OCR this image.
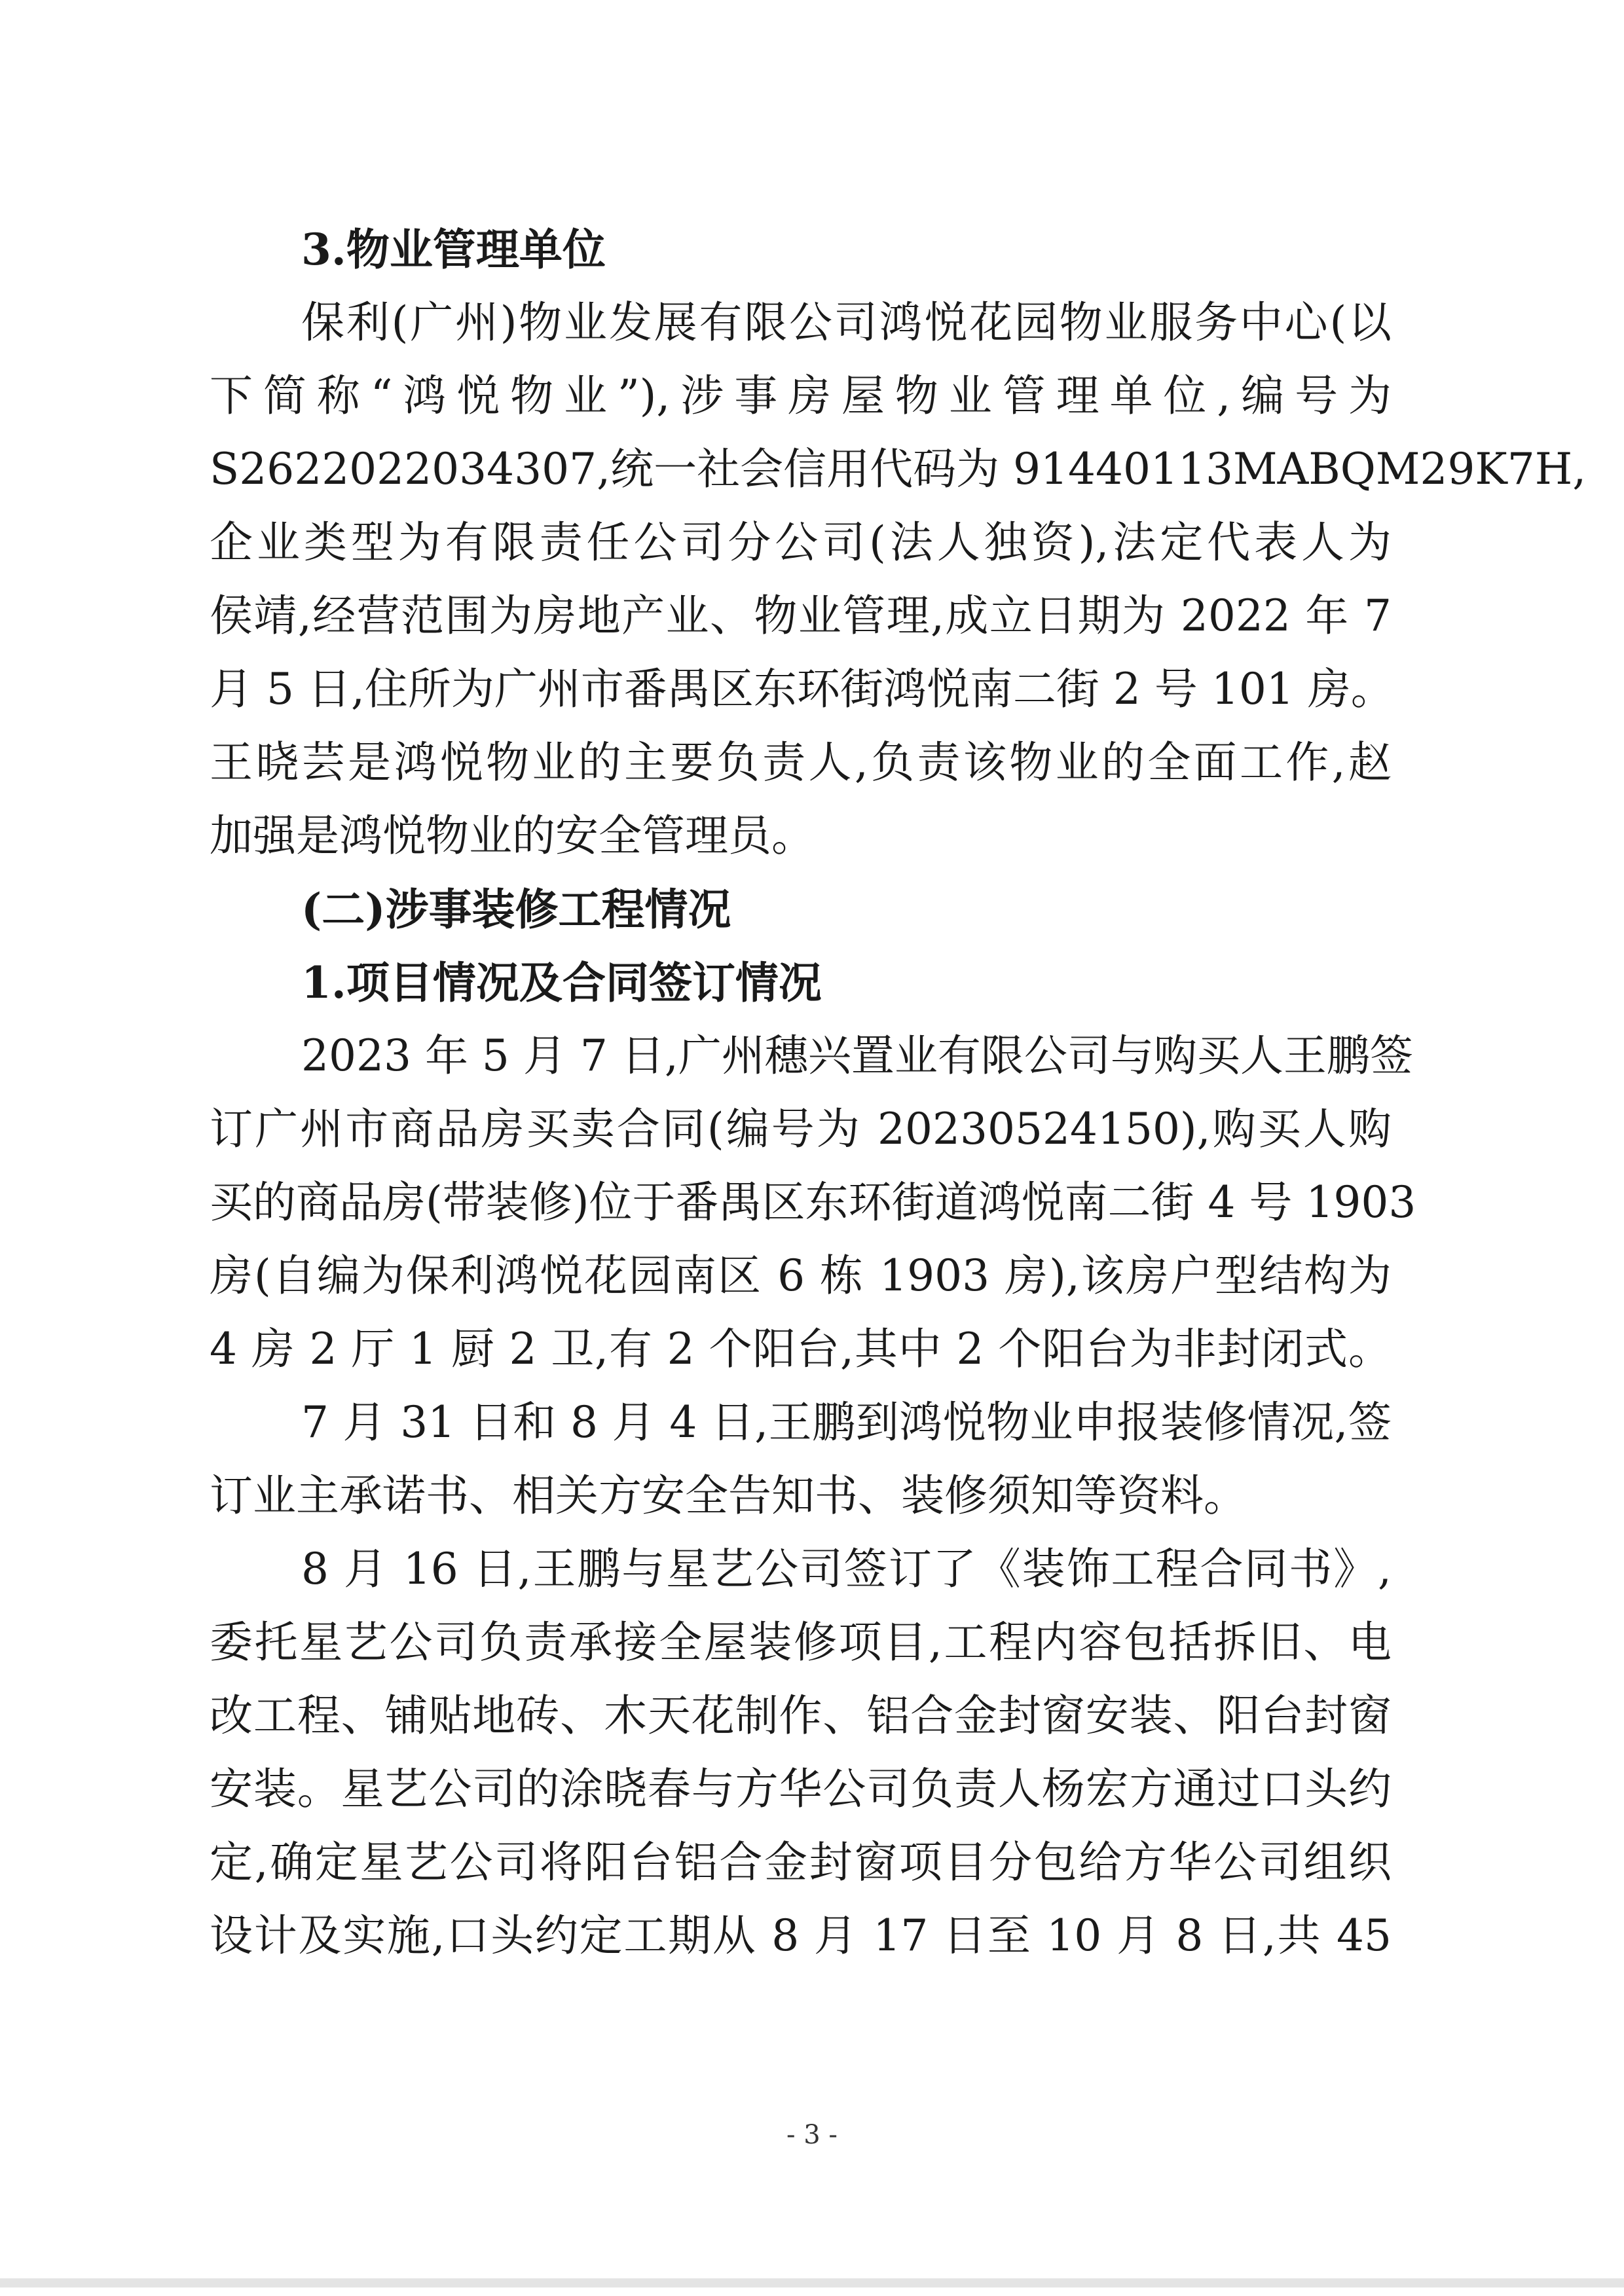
3.物业管理单位
保利(广州)物业发展有限公司鸿悦花园物业服务中心(以
下简称“鸿悦物业”),涉事房屋物业管理单位,编号为
S2622022034307,统一社会信用代码为 91440113MABQM29K7H,
企业类型为有限责任公司分公司(法人独资),法定代表人为
侯靖,经营范围为房地产业、物业管理,成立日期为 2022 年 7
月 5 日,住所为广州市番禺区东环街鸿悦南二街 2 号 101 房。
王晓芸是鸿悦物业的主要负责人,负责该物业的全面工作,赵
加强是鸿悦物业的安全管理员。
(二)涉事装修工程情况
1.项目情况及合同签订情况
2023 年 5 月 7 日,广州穗兴置业有限公司与购买人王鹏签
订广州市商品房买卖合同(编号为 20230524150),购买人购
买的商品房(带装修)位于番禺区东环街道鸿悦南二街 4 号 1903
房(自编为保利鸿悦花园南区 6 栋 1903 房),该房户型结构为
4 房 2 厅 1 厨 2 卫,有 2 个阳台,其中 2 个阳台为非封闭式。
7 月 31 日和 8 月 4 日,王鹏到鸿悦物业申报装修情况,签
订业主承诺书、相关方安全告知书、装修须知等资料。
8 月 16 日,王鹏与星艺公司签订了《装饰工程合同书》,
委托星艺公司负责承接全屋装修项目,工程内容包括拆旧、电
改工程、铺贴地砖、木天花制作、铝合金封窗安装、阳台封窗
安装。星艺公司的涂晓春与方华公司负责人杨宏方通过口头约
定,确定星艺公司将阳台铝合金封窗项目分包给方华公司组织
设计及实施,口头约定工期从 8 月 17 日至 10 月 8 日,共 45
- 3 -
